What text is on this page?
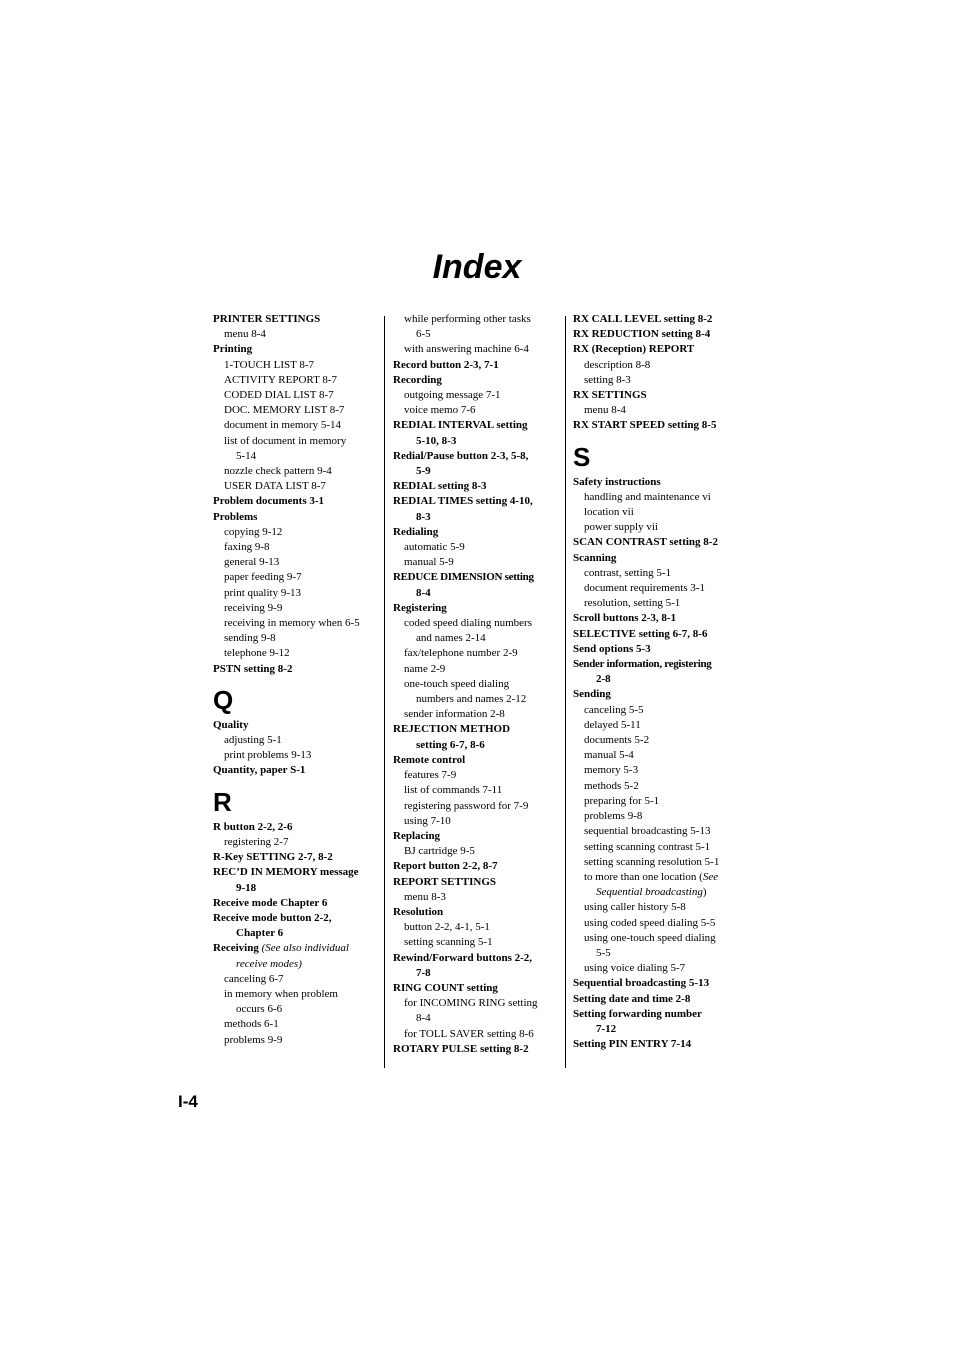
Index
PRINTER SETTINGS
menu 8-4
Printing
1-TOUCH LIST 8-7
ACTIVITY REPORT 8-7
CODED DIAL LIST 8-7
DOC. MEMORY LIST 8-7
document in memory 5-14
list of document in memory
5-14
nozzle check pattern 9-4
USER DATA LIST 8-7
Problem documents 3-1
Problems
copying 9-12
faxing 9-8
general 9-13
paper feeding 9-7
print quality 9-13
receiving 9-9
receiving in memory when 6-5
sending 9-8
telephone 9-12
PSTN setting 8-2
Q
Quality
adjusting 5-1
print problems 9-13
Quantity, paper S-1
R
R button 2-2, 2-6
registering 2-7
R-Key SETTING 2-7, 8-2
REC’D IN MEMORY message
9-18
Receive mode Chapter 6
Receive mode button 2-2,
Chapter 6
Receiving (See also individual
receive modes)
canceling 6-7
in memory when problem
occurs 6-6
methods 6-1
problems 9-9
while performing other tasks
6-5
with answering machine 6-4
Record button 2-3, 7-1
Recording
outgoing message 7-1
voice memo 7-6
REDIAL INTERVAL setting
5-10, 8-3
Redial/Pause button 2-3, 5-8,
5-9
REDIAL setting 8-3
REDIAL TIMES setting 4-10,
8-3
Redialing
automatic 5-9
manual 5-9
REDUCE DIMENSION setting
8-4
Registering
coded speed dialing numbers
and names 2-14
fax/telephone number 2-9
name 2-9
one-touch speed dialing
numbers and names 2-12
sender information 2-8
REJECTION METHOD
setting 6-7, 8-6
Remote control
features 7-9
list of commands 7-11
registering password for 7-9
using 7-10
Replacing
BJ cartridge 9-5
Report button 2-2, 8-7
REPORT SETTINGS
menu 8-3
Resolution
button 2-2, 4-1, 5-1
setting scanning 5-1
Rewind/Forward buttons 2-2,
7-8
RING COUNT setting
for INCOMING RING setting
8-4
for TOLL SAVER setting 8-6
ROTARY PULSE setting 8-2
RX CALL LEVEL setting 8-2
RX REDUCTION setting 8-4
RX (Reception) REPORT
description 8-8
setting 8-3
RX SETTINGS
menu 8-4
RX START SPEED setting 8-5
S
Safety instructions
handling and maintenance vi
location vii
power supply vii
SCAN CONTRAST setting 8-2
Scanning
contrast, setting 5-1
document requirements 3-1
resolution, setting 5-1
Scroll buttons 2-3, 8-1
SELECTIVE setting 6-7, 8-6
Send options 5-3
Sender information, registering
2-8
Sending
canceling 5-5
delayed 5-11
documents 5-2
manual 5-4
memory 5-3
methods 5-2
preparing for 5-1
problems 9-8
sequential broadcasting 5-13
setting scanning contrast 5-1
setting scanning resolution 5-1
to more than one location (See
Sequential broadcasting)
using caller history 5-8
using coded speed dialing 5-5
using one-touch speed dialing
5-5
using voice dialing 5-7
Sequential broadcasting 5-13
Setting date and time 2-8
Setting forwarding number
7-12
Setting PIN ENTRY 7-14
I-4
